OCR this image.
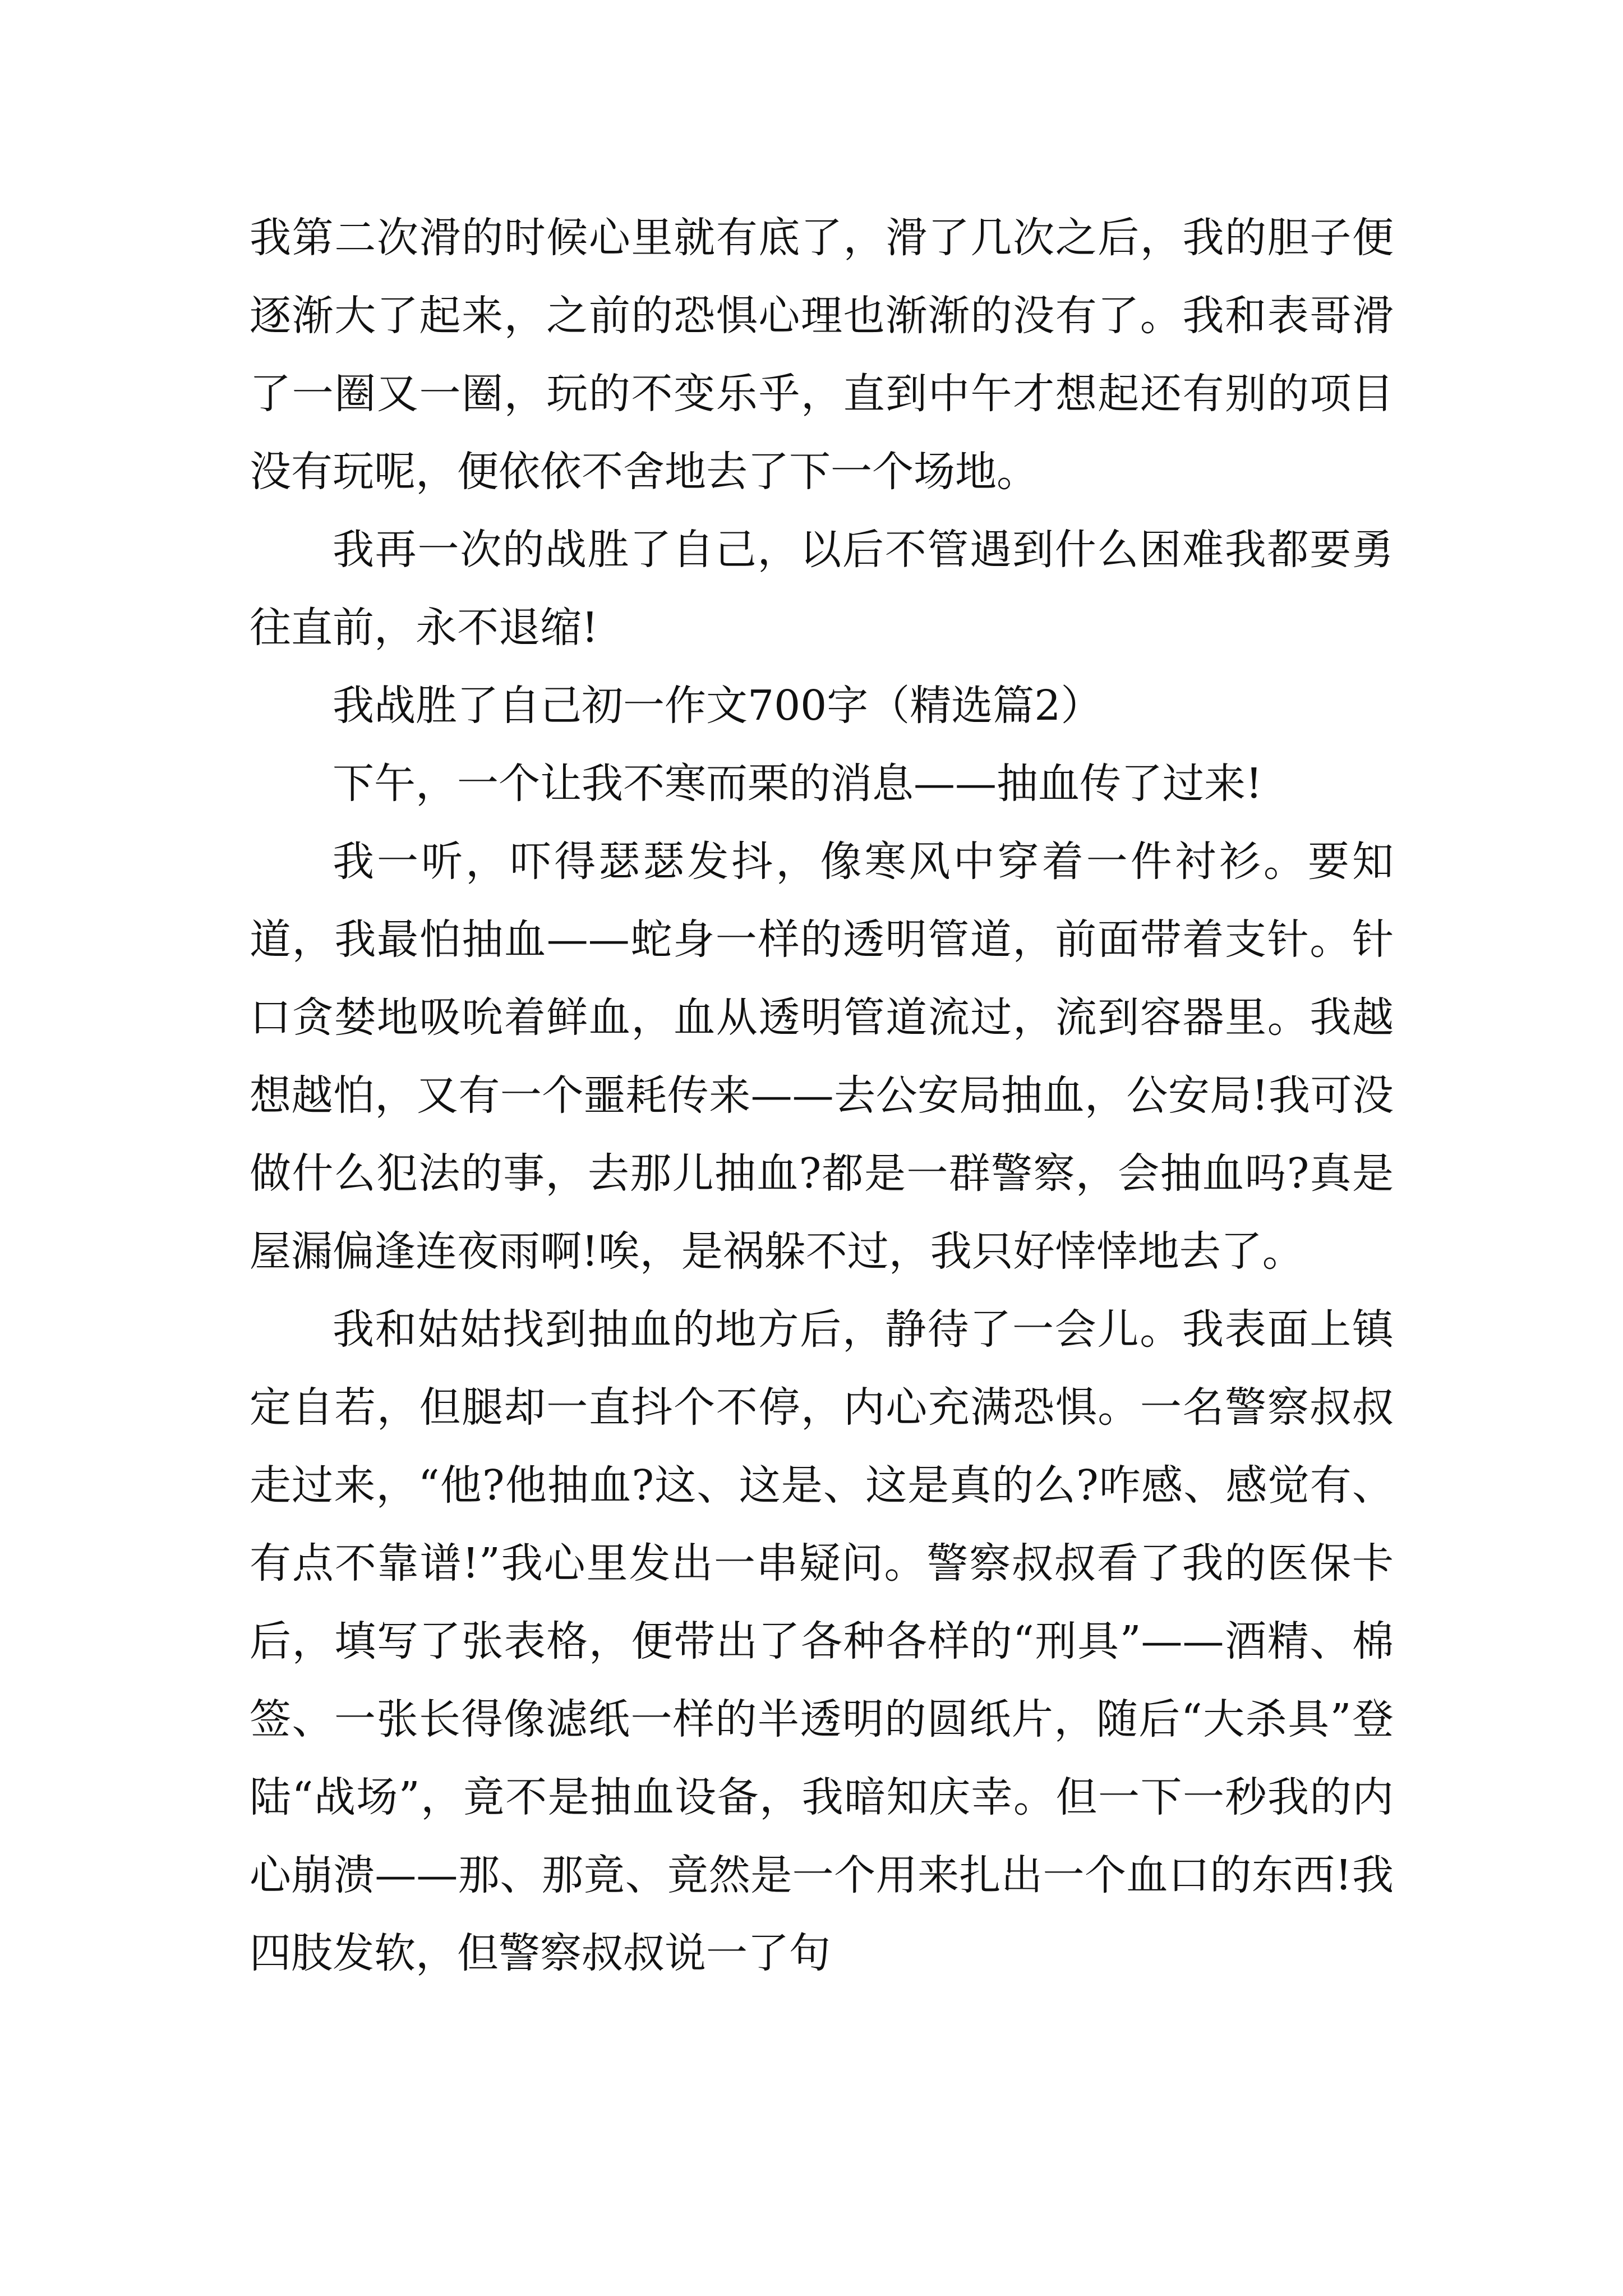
我第二次滑的时候心里就有底了，滑了几次之后，我的胆子便逐渐大了起来，之前的恐惧心理也渐渐的没有了。我和表哥滑了一圈又一圈，玩的不变乐乎，直到中午才想起还有别的项目没有玩呢，便依依不舍地去了下一个场地。

我再一次的战胜了自己，以后不管遇到什么困难我都要勇往直前，永不退缩!

我战胜了自己初一作文700字（精选篇2）

下午，一个让我不寒而栗的消息——抽血传了过来!

我一听，吓得瑟瑟发抖，像寒风中穿着一件衬衫。要知道，我最怕抽血——蛇身一样的透明管道，前面带着支针。针口贪婪地吸吮着鲜血，血从透明管道流过，流到容器里。我越想越怕，又有一个噩耗传来——去公安局抽血，公安局!我可没做什么犯法的事，去那儿抽血?都是一群警察，会抽血吗?真是屋漏偏逢连夜雨啊!唉，是祸躲不过，我只好悻悻地去了。

我和姑姑找到抽血的地方后，静待了一会儿。我表面上镇定自若，但腿却一直抖个不停，内心充满恐惧。一名警察叔叔走过来，“他?他抽血?这、这是、这是真的么?咋感、感觉有、有点不靠谱!”我心里发出一串疑问。警察叔叔看了我的医保卡后，填写了张表格，便带出了各种各样的“刑具”——酒精、棉签、一张长得像滤纸一样的半透明的圆纸片，随后“大杀具”登陆“战场”，竟不是抽血设备，我暗知庆幸。但一下一秒我的内心崩溃——那、那竟、竟然是一个用来扎出一个血口的东西!我四肢发软，但警察叔叔说一了句
